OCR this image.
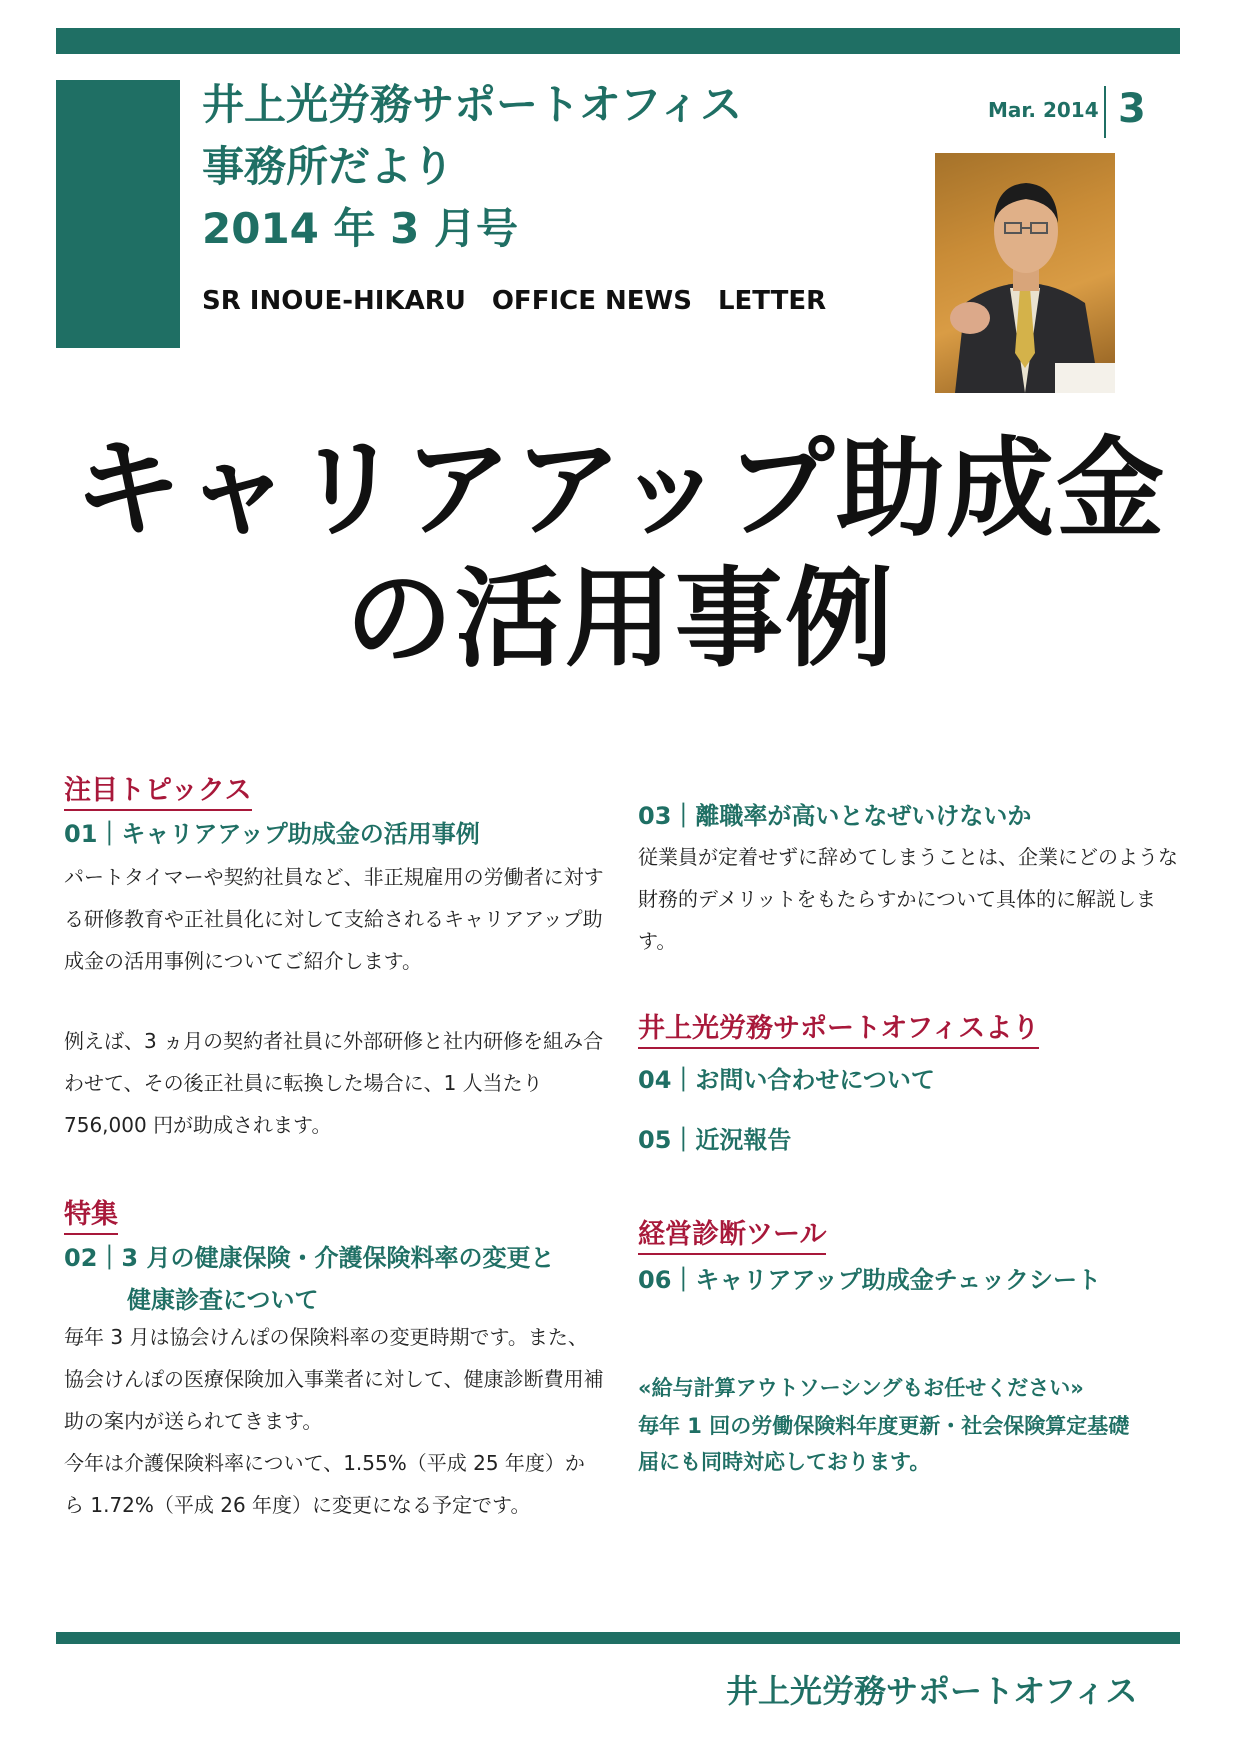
井上光労務サポートオフィス
事務所だより
2014 年 3 月号
SR INOUE-HIKARU　OFFICE NEWS　LETTER
Mar. 2014 3
キャリアアップ助成金
の活用事例
注目トピックス
01｜キャリアアップ助成金の活用事例
パートタイマーや契約社員など、非正規雇用の労働者に対する研修教育や正社員化に対して支給されるキャリアアップ助成金の活用事例についてご紹介します。
例えば、3 ヵ月の契約者社員に外部研修と社内研修を組み合わせて、その後正社員に転換した場合に、1 人当たり 756,000 円が助成されます。
特集
02｜3 月の健康保険・介護保険料率の変更と
健康診査について
毎年 3 月は協会けんぽの保険料率の変更時期です。また、協会けんぽの医療保険加入事業者に対して、健康診断費用補助の案内が送られてきます。
今年は介護保険料率について、1.55%（平成 25 年度）から 1.72%（平成 26 年度）に変更になる予定です。
03｜離職率が高いとなぜいけないか
従業員が定着せずに辞めてしまうことは、企業にどのような財務的デメリットをもたらすかについて具体的に解説します。
井上光労務サポートオフィスより
04｜お問い合わせについて
05｜近況報告
経営診断ツール
06｜キャリアアップ助成金チェックシート
«給与計算アウトソーシングもお任せください»
毎年 1 回の労働保険料年度更新・社会保険算定基礎
届にも同時対応しております。
井上光労務サポートオフィス
